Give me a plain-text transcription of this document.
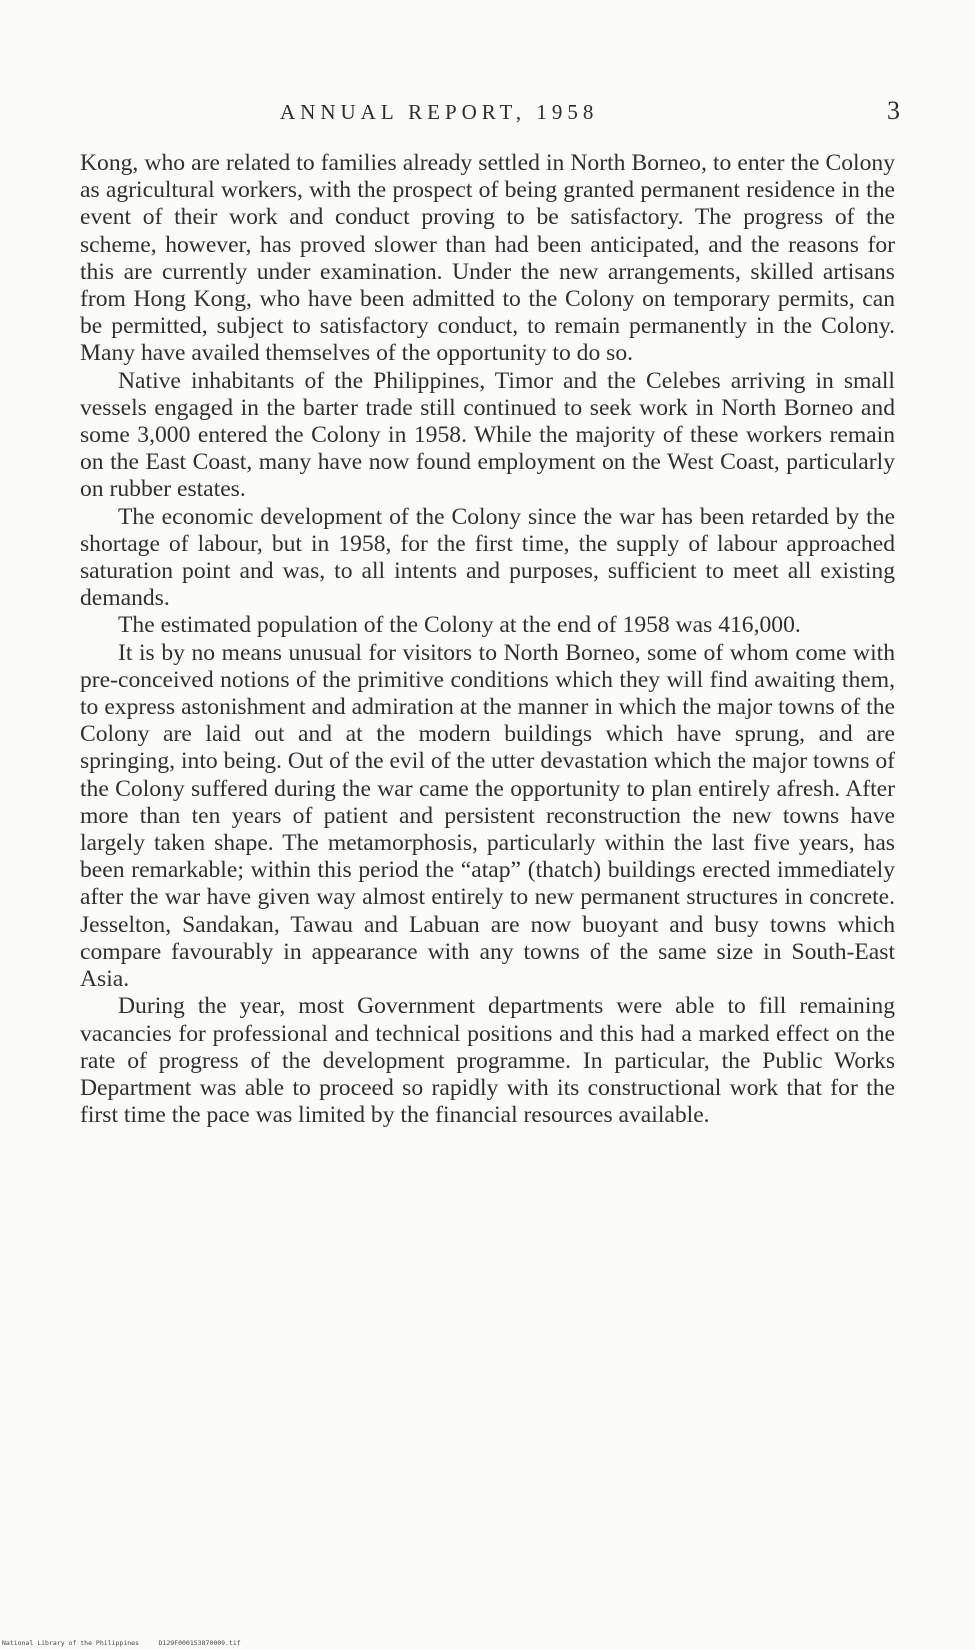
ANNUAL REPORT, 1958	3

Kong, who are related to families already settled in North Borneo, to enter the Colony as agricultural workers, with the prospect of being granted permanent residence in the event of their work and conduct proving to be satisfactory. The progress of the scheme, however, has proved slower than had been anticipated, and the reasons for this are currently under examination. Under the new arrangements, skilled artisans from Hong Kong, who have been admitted to the Colony on temporary permits, can be permitted, subject to satisfactory conduct, to remain permanently in the Colony. Many have availed themselves of the opportunity to do so.

Native inhabitants of the Philippines, Timor and the Celebes arriving in small vessels engaged in the barter trade still continued to seek work in North Borneo and some 3,000 entered the Colony in 1958. While the majority of these workers remain on the East Coast, many have now found employment on the West Coast, particularly on rubber estates.

The economic development of the Colony since the war has been retarded by the shortage of labour, but in 1958, for the first time, the supply of labour approached saturation point and was, to all intents and purposes, sufficient to meet all existing demands.

The estimated population of the Colony at the end of 1958 was 416,000.

It is by no means unusual for visitors to North Borneo, some of whom come with pre-conceived notions of the primitive conditions which they will find awaiting them, to express astonishment and admiration at the manner in which the major towns of the Colony are laid out and at the modern buildings which have sprung, and are springing, into being. Out of the evil of the utter devastation which the major towns of the Colony suffered during the war came the opportunity to plan entirely afresh. After more than ten years of patient and persistent reconstruction the new towns have largely taken shape. The metamorphosis, particularly within the last five years, has been remarkable; within this period the “atap” (thatch) buildings erected immediately after the war have given way almost entirely to new permanent structures in concrete. Jesselton, Sandakan, Tawau and Labuan are now buoyant and busy towns which compare favourably in appearance with any towns of the same size in South-East Asia.

During the year, most Government departments were able to fill remaining vacancies for professional and technical positions and this had a marked effect on the rate of progress of the development programme. In particular, the Public Works Department was able to proceed so rapidly with its constructional work that for the first time the pace was limited by the financial resources available.

National Library of the Philippines     D129F000153870009.tif
